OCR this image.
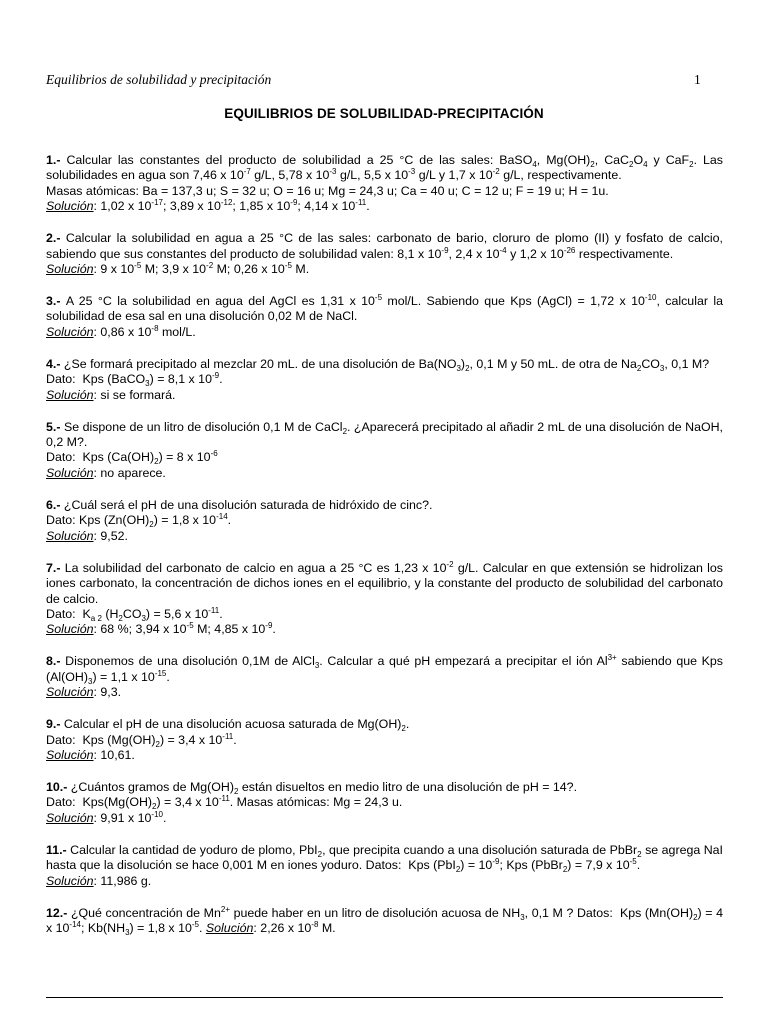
Equilibrios de solubilidad y precipitación	1
EQUILIBRIOS DE SOLUBILIDAD-PRECIPITACIÓN

1.- Calcular las constantes del producto de solubilidad a 25 °C de las sales: BaSO$_4$, $Mg(OH)_2$, $CaC_2O_4$ y CaF$_2$. Las solubilidades en agua son 7,46 x $10^{-7}$ g/L, 5,78 x $10^{-3}$ g/L, 5,5 x $10^{-3}$ g/L y 1,7 x $10^{-2}$ g/L, respectivamente.

Masas atómicas: Ba = 137,3 u; S = 32 u; O = 16 u; Mg = 24,3 u; Ca = 40 u; C = 12 u; F = 19 u; H = 1u.

Solución: 1,02 x $10^{-17}$; 3,89 x $10^{-12}$; 1,85 x $10^{-9}$; 4,14 x $10^{-11}$.

2.- Calcular la solubilidad en agua a 25 °C de las sales: carbonato de bario, cloruro de plomo (II) y fosfato de calcio, sabiendo que sus constantes del producto de solubilidad valen: 8,1 x $10^{-9}$, 2,4 x $10^{-4}$ y 1,2 x $10^{-26}$ respectivamente.

Solución: 9 x $10^{-5}$ M; 3,9 x $10^{-2}$ M; 0,26 x $10^{-5}$ M.

3.- A 25 °C la solubilidad en agua del AgCl es 1,31 x $10^{-5}$ mol/L. Sabiendo que Kps (AgCl) = 1,72 x $10^{-10}$, calcular la solubilidad de esa sal en una disolución 0,02 M de NaCl.

Solución: 0,86 x $10^{-8}$ mol/L.

4.- ¿Se formará precipitado al mezclar 20 mL. de una disolución de $Ba(NO_3)_2$, 0,1 M y 50 mL. de otra de $Na_2CO_3$, 0,1 M?

Dato:  Kps (BaCO$_3$) = 8,1 x $10^{-9}$.

Solución: si se formará.

5.- Se dispone de un litro de disolución 0,1 M de CaCl$_2$. ¿Aparecerá precipitado al añadir 2 mL de una disolución de NaOH, 0,2 M?.

Dato:  Kps $(Ca(OH)_2) = 8$ x $10^{-6}$

Solución: no aparece.

6.- ¿Cuál será el pH de una disolución saturada de hidróxido de cinc?.

Dato: Kps $(Zn(OH)_2) = 1,8$ x $10^{-14}$.

Solución: 9,52.

7.- La solubilidad del carbonato de calcio en agua a 25 °C es 1,23 x $10^{-2}$ g/L. Calcular en que extensión se hidrolizan los iones carbonato, la concentración de dichos iones en el equilibrio, y la constante del producto de solubilidad del carbonato de calcio.

Dato:  $K_{a 2}$ $(H_2CO_3) = 5,6$ x $10^{-11}$.

Solución: 68 %; 3,94 x $10^{-5}$ M; 4,85 x $10^{-9}$.

8.- Disponemos de una disolución 0,1M de AlCl$_3$. Calcular a qué pH empezará a precipitar el ión $Al^{3+}$ sabiendo que Kps $(Al(OH)_3) = 1,1$ x $10^{-15}$.

Solución: 9,3.

9.- Calcular el pH de una disolución acuosa saturada de $Mg(OH)_2$.

Dato:  Kps $(Mg(OH)_2) = 3,4$ x $10^{-11}$.

Solución: 10,61.

10.- ¿Cuántos gramos de $Mg(OH)_2$ están disueltos en medio litro de una disolución de pH = 14?.

Dato:  $Kps(Mg(OH)_2) = 3,4$ x $10^{-11}$. Masas atómicas: Mg = 24,3 u.

Solución: 9,91 x $10^{-10}$.

11.- Calcular la cantidad de yoduro de plomo, PbI$_2$, que precipita cuando a una disolución saturada de PbBr$_2$ se agrega NaI hasta que la disolución se hace 0,001 M en iones yoduro. Datos:  Kps $(PbI_2) = 10^{-9}$; Kps (PbBr$_2$) = 7,9 x $10^{-5}$.

Solución: 11,986 g.

12.- ¿Qué concentración de $Mn^{2+}$ puede haber en un litro de disolución acuosa de $NH_3$, 0,1 M ? Datos:  Kps $(Mn(OH)_2) = 4$ x $10^{-14}$; $Kb(NH_3) = 1,8$ x $10^{-5}$. Solución: 2,26 x $10^{-8}$ M.
